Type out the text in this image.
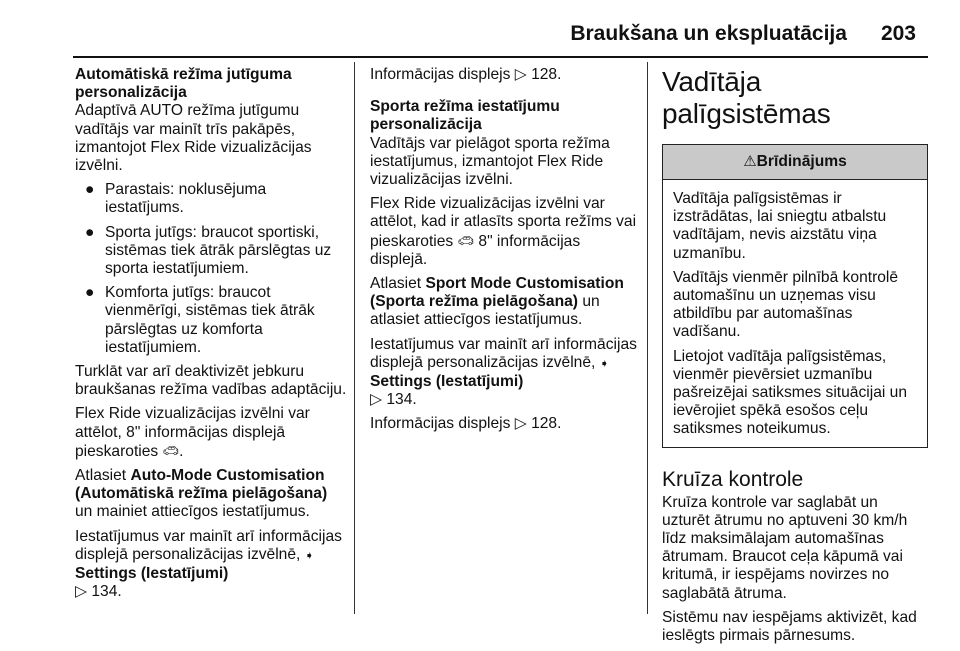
Braukšana un ekspluatācija 203

Automātiskā režīma jutīguma personalizācija

Adaptīvā AUTO režīma jutīgumu vadītājs var mainīt trīs pakāpēs, izmantojot Flex Ride vizualizācijas izvēlni.

● Parastais: noklusējuma iestatījums.
● Sporta jutīgs: braucot sportiski, sistēmas tiek ātrāk pārslēgtas uz sporta iestatījumiem.
● Komforta jutīgs: braucot vienmērīgi, sistēmas tiek ātrāk pārslēgtas uz komforta iestatījumiem.

Turklāt var arī deaktivizēt jebkuru braukšanas režīma vadības adaptāciju.

Flex Ride vizualizācijas izvēlni var attēlot, 8" informācijas displejā pieskaroties 🚗︎.

Atlasiet Auto-Mode Customisation (Automātiskā režīma pielāgošana) un mainiet attiecīgos iestatījumus.

Iestatījumus var mainīt arī informācijas displejā personalizācijas izvēlnē, ➧ Settings (Iestatījumi)
▷ 134.

Informācijas displejs ▷ 128.

Sporta režīma iestatījumu personalizācija

Vadītājs var pielāgot sporta režīma iestatījumus, izmantojot Flex Ride vizualizācijas izvēlni.

Flex Ride vizualizācijas izvēlni var attēlot, kad ir atlasīts sporta režīms vai pieskaroties 🚗︎ 8" informācijas displejā.

Atlasiet Sport Mode Customisation (Sporta režīma pielāgošana) un atlasiet attiecīgos iestatījumus.

Iestatījumus var mainīt arī informācijas displejā personalizācijas izvēlnē, ➧ Settings (Iestatījumi)
▷ 134.

Informācijas displejs ▷ 128.

Vadītāja palīgsistēmas
⚠Brīdinājums

Vadītāja palīgsistēmas ir izstrādātas, lai sniegtu atbalstu vadītājam, nevis aizstātu viņa uzmanību.

Vadītājs vienmēr pilnībā kontrolē automašīnu un uzņemas visu atbildību par automašīnas vadīšanu.

Lietojot vadītāja palīgsistēmas, vienmēr pievērsiet uzmanību pašreizējai satiksmes situācijai un ievērojiet spēkā esošos ceļu satiksmes noteikumus.

Kruīza kontrole

Kruīza kontrole var saglabāt un uzturēt ātrumu no aptuveni 30 km/h līdz maksimālajam automašīnas ātrumam. Braucot ceļa kāpumā vai kritumā, ir iespējams novirzes no saglabātā ātruma.

Sistēmu nav iespējams aktivizēt, kad ieslēgts pirmais pārnesums.
